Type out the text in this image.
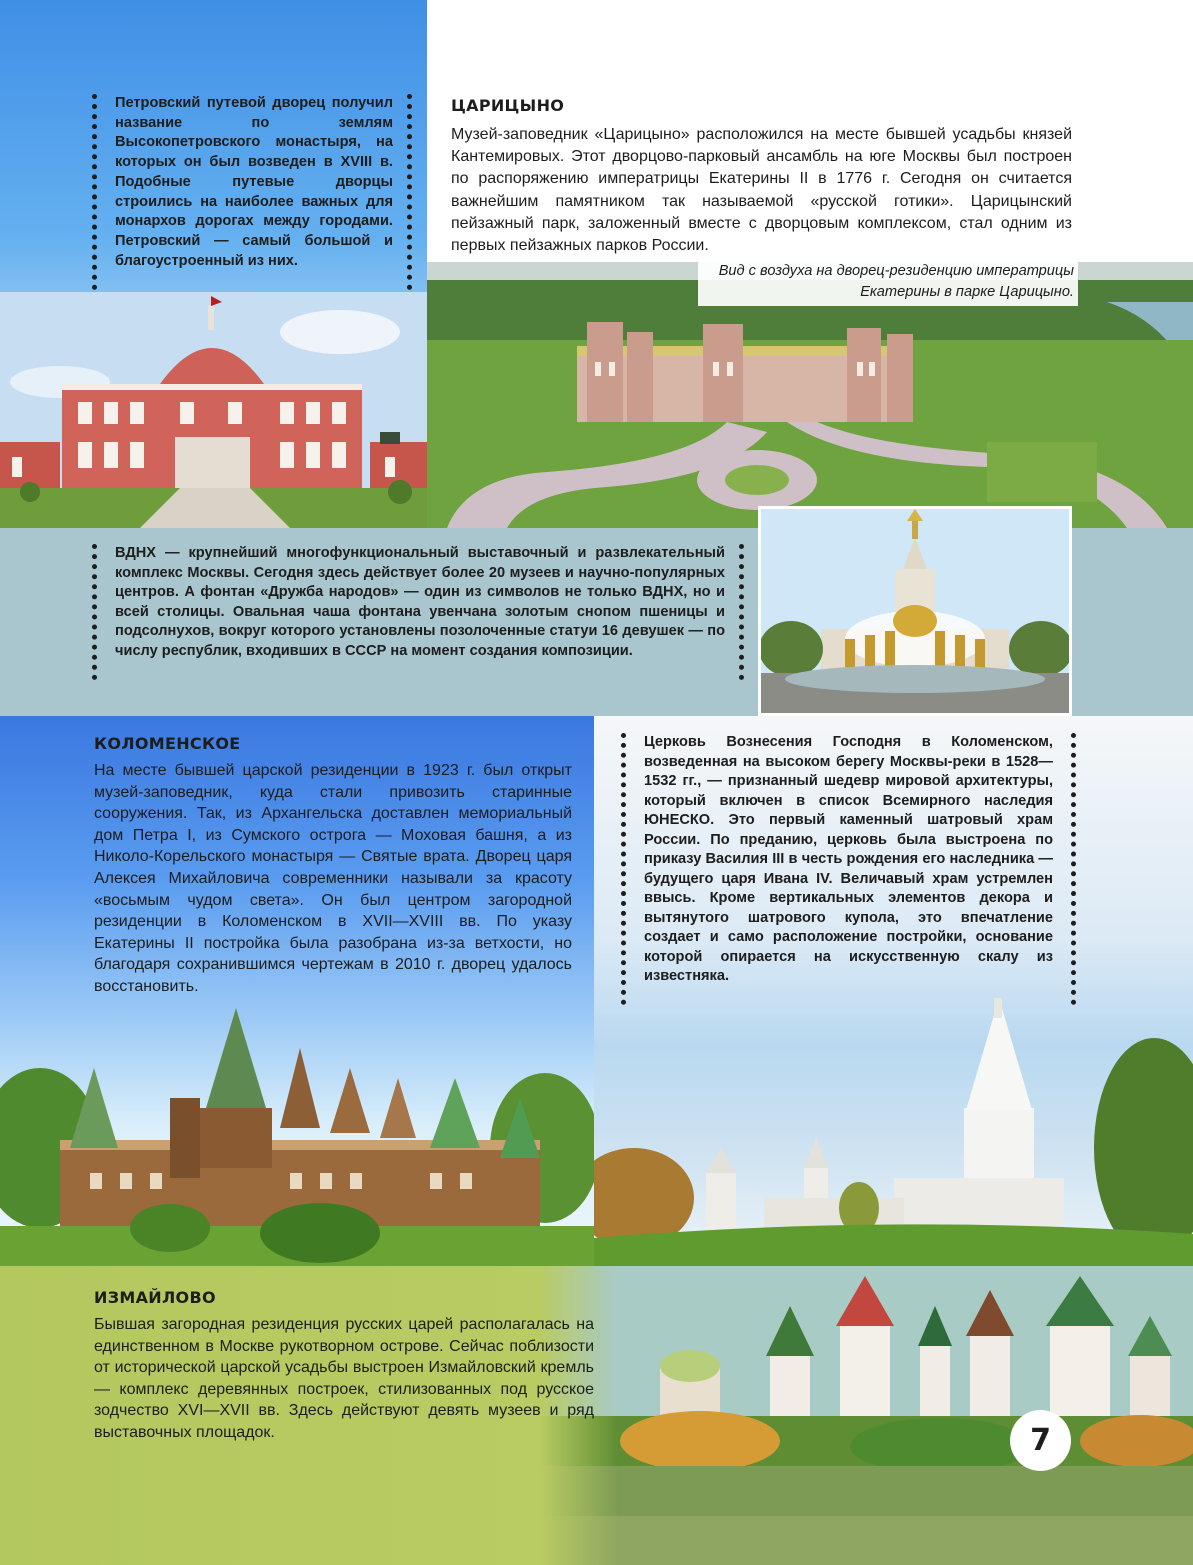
Петровский путевой дворец получил название по землям Высокопетровского монастыря, на которых он был возведен в XVIII в. Подобные путевые дворцы строились на наиболее важных для монархов дорогах между городами. Петровский — самый большой и благоустроенный из них.
ЦАРИЦЫНО
Музей-заповедник «Царицыно» расположился на месте бывшей усадьбы князей Кантемировых. Этот дворцово-парковый ансамбль на юге Москвы был построен по распоряжению императрицы Екатерины II в 1776 г. Сегодня он считается важнейшим памятником так называемой «русской готики». Царицынский пейзажный парк, заложенный вместе с дворцовым комплексом, стал одним из первых пейзажных парков России.
Вид с воздуха на дворец-резиденцию императрицы Екатерины в парке Царицыно.
ВДНХ — крупнейший многофункциональный выставочный и развлекательный комплекс Москвы. Сегодня здесь действует более 20 музеев и научно-популярных центров. А фонтан «Дружба народов» — один из символов не только ВДНХ, но и всей столицы. Овальная чаша фонтана увенчана золотым снопом пшеницы и подсолнухов, вокруг которого установлены позолоченные статуи 16 девушек — по числу республик, входивших в СССР на момент создания композиции.
КОЛОМЕНСКОЕ
На месте бывшей царской резиденции в 1923 г. был открыт музей-заповедник, куда стали привозить старинные сооружения. Так, из Архангельска доставлен мемориальный дом Петра I, из Сумского острога — Моховая башня, а из Николо-Корельского монастыря — Святые врата. Дворец царя Алексея Михайловича современники называли за красоту «восьмым чудом света». Он был центром загородной резиденции в Коломенском в XVII—XVIII вв. По указу Екатерины II постройка была разобрана из-за ветхости, но благодаря сохранившимся чертежам в 2010 г. дворец удалось восстановить.
Церковь Вознесения Господня в Коломенском, возведенная на высоком берегу Москвы-реки в 1528—1532 гг., — признанный шедевр мировой архитектуры, который включен в список Всемирного наследия ЮНЕСКО. Это первый каменный шатровый храм России. По преданию, церковь была выстроена по приказу Василия III в честь рождения его наследника — будущего царя Ивана IV. Величавый храм устремлен ввысь. Кроме вертикальных элементов декора и вытянутого шатрового купола, это впечатление создает и само расположение постройки, основание которой опирается на искусственную скалу из известняка.
ИЗМАЙЛОВО
Бывшая загородная резиденция русских царей располагалась на единственном в Москве рукотворном острове. Сейчас поблизости от исторической царской усадьбы выстроен Измайловский кремль — комплекс деревянных построек, стилизованных под русское зодчество XVI—XVII вв. Здесь действуют девять музеев и ряд выставочных площадок.	7
